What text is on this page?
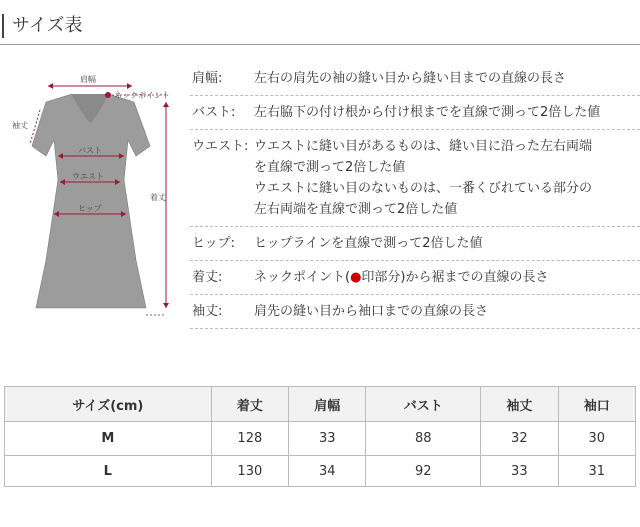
サイズ表
肩幅
ネックポイント
袖丈
バスト
ウエスト
ヒップ
着丈
肩幅:	左右の肩先の袖の縫い目から縫い目までの直線の長さ
バスト:	左右脇下の付け根から付け根までを直線で測って2倍した値
ウエスト: ウエストに縫い目があるものは、縫い目に沿った左右両端
を直線で測って2倍した値
ウエストに縫い目のないものは、一番くびれている部分の
左右両端を直線で測って2倍した値
ヒップ:	ヒップラインを直線で測って2倍した値
着丈:	ネックポイント(●印部分)から裾までの直線の長さ
袖丈:	肩先の縫い目から袖口までの直線の長さ
サイズ(cm)	着丈	肩幅	バスト	袖丈	袖口
M	128	33	88	32	30
L	130	34	92	33	31
